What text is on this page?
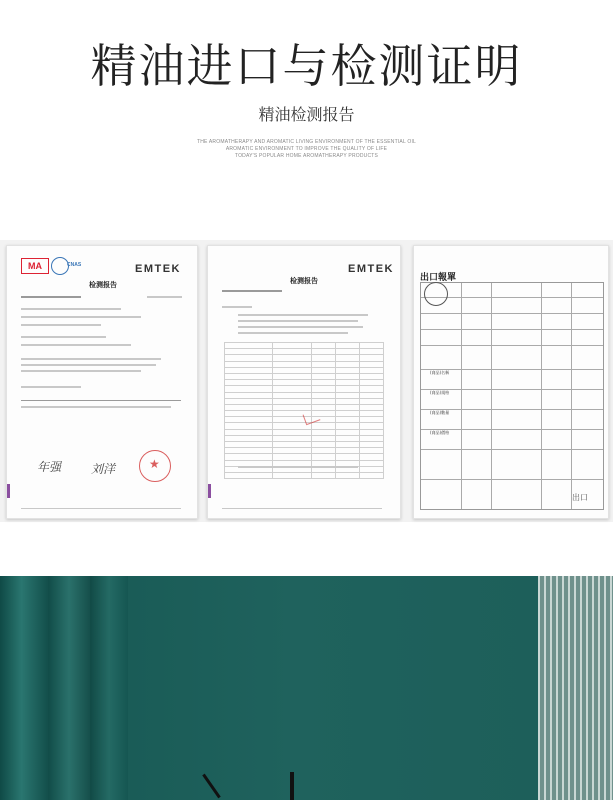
精油进口与检测证明
精油检测报告
THE AROMATHERAPY AND AROMATIC LIVING ENVIRONMENT OF THE ESSENTIAL OIL
AROMATIC ENVIRONMENT TO IMPROVE THE QUALITY OF LIFE
TODAY'S POPULAR HOME AROMATHERAPY PRODUCTS
MA	CNAS	EMTEK
检测报告
★
年强 刘洋
检测报告
EMTEK

出口報單
(商品)名稱
(商品)規格
(商品)數量
(商品)價格
出口
